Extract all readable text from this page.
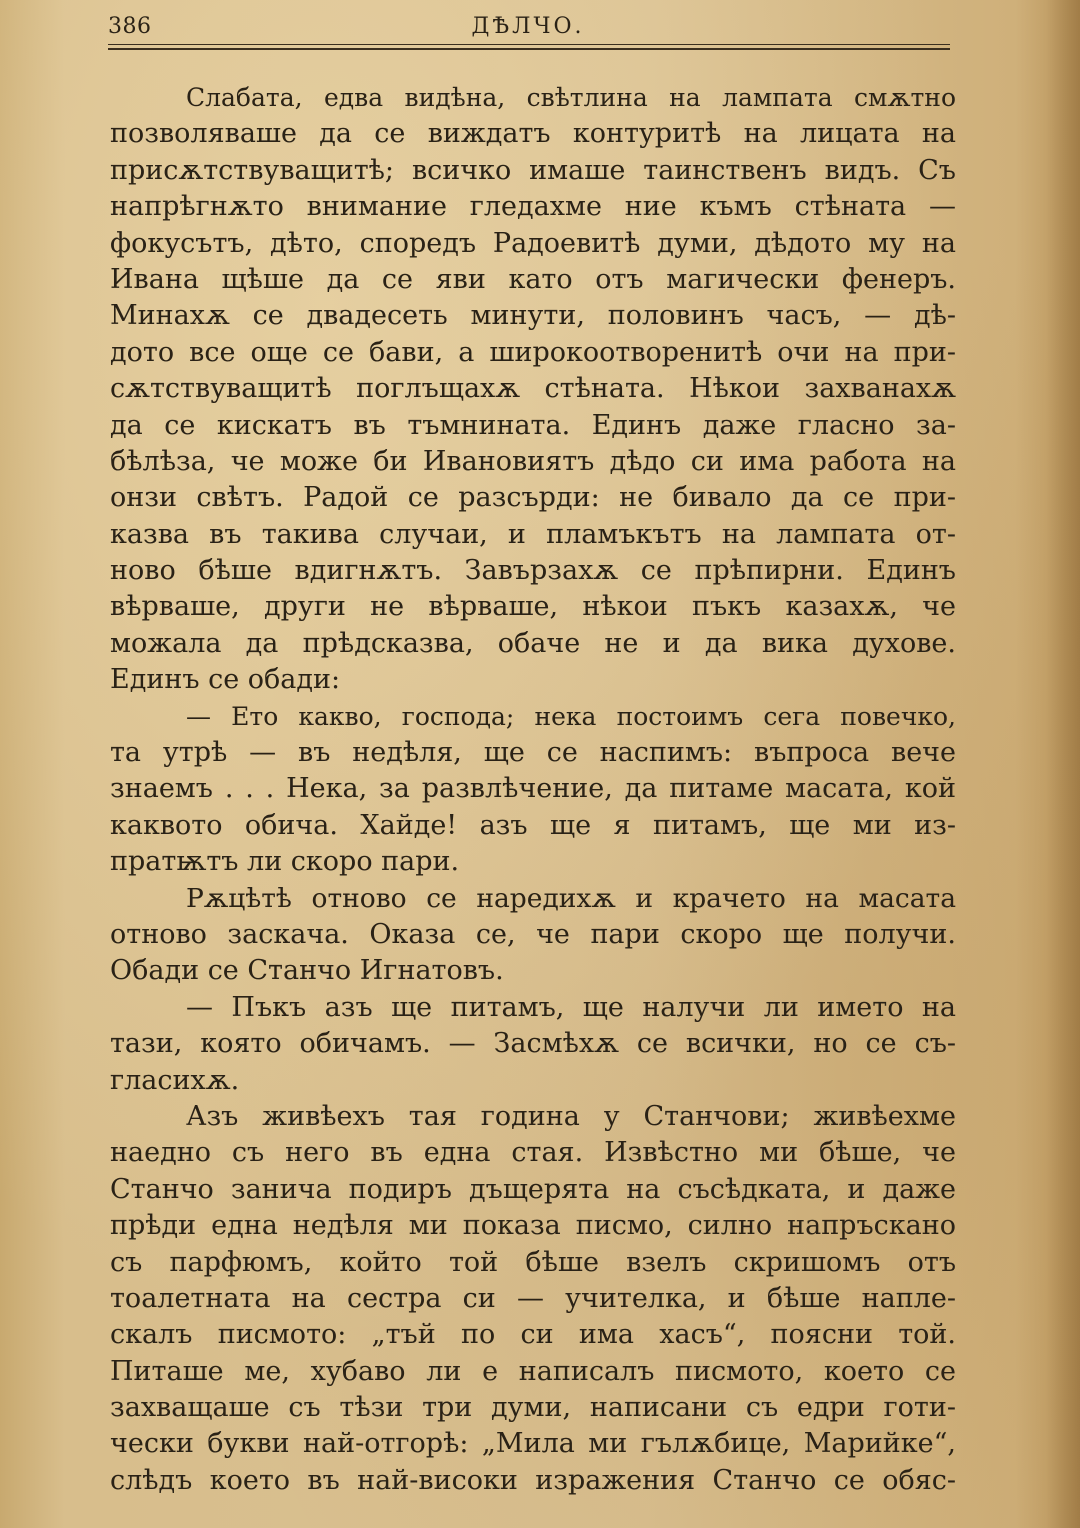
386	ДѢЛЧО.
Слабата, едва видѣна, свѣтлина на лампата смѫтно
позволяваше да се виждатъ контуритѣ на лицата на
присѫтствуващитѣ; всичко имаше таинственъ видъ. Съ
напрѣгнѫто внимание гледахме ние къмъ стѣната —
фокусътъ, дѣто, споредъ Радоевитѣ думи, дѣдото му на
Ивана щѣше да се яви като отъ магически фенеръ.
Минахѫ се двадесеть минути, половинъ часъ, — дѣ-
дото все още се бави, а широкоотворенитѣ очи на при-
сѫтствуващитѣ поглъщахѫ стѣната. Нѣкои захванахѫ
да се кискатъ въ тъмнината. Единъ даже гласно за-
бѣлѣза, че може би Ивановиятъ дѣдо си има работа на
онзи свѣтъ. Радой се разсърди: не бивало да се при-
казва въ такива случаи, и пламъкътъ на лампата от-
ново бѣше вдигнѫтъ. Завързахѫ се прѣпирни. Единъ
вѣрваше, други не вѣрваше, нѣкои пъкъ казахѫ, че
можала да прѣдсказва, обаче не и да вика духове.
Единъ се обади:
— Ето какво, господа; нека постоимъ сега повечко,
та утрѣ — въ недѣля, ще се наспимъ: въпроса вече
знаемъ . . . Нека, за развлѣчение, да питаме масата, кой
каквото обича. Хайде! азъ ще я питамъ, ще ми из-
пратѭтъ ли скоро пари.
Рѫцѣтѣ отново се наредихѫ и крачето на масата
отново заскача. Оказа се, че пари скоро ще получи.
Обади се Станчо Игнатовъ.
— Пъкъ азъ ще питамъ, ще налучи ли името на
тази, която обичамъ. — Засмѣхѫ се всички, но се съ-
гласихѫ.
Азъ живѣехъ тая година у Станчови; живѣехме
наедно съ него въ една стая. Извѣстно ми бѣше, че
Станчо занича подиръ дъщерята на съсѣдката, и даже
прѣди една недѣля ми показа писмо, силно напръскано
съ парфюмъ, който той бѣше взелъ скришомъ отъ
тоалетната на сестра си — учителка, и бѣше напле-
скалъ писмото: „тъй по си има хасъ“, поясни той.
Питаше ме, хубаво ли е написалъ писмото, което се
захващаше съ тѣзи три думи, написани съ едри готи-
чески букви най-отгорѣ: „Мила ми гълѫбице, Марийке“,
слѣдъ което въ най-високи изражения Станчо се обяс-
